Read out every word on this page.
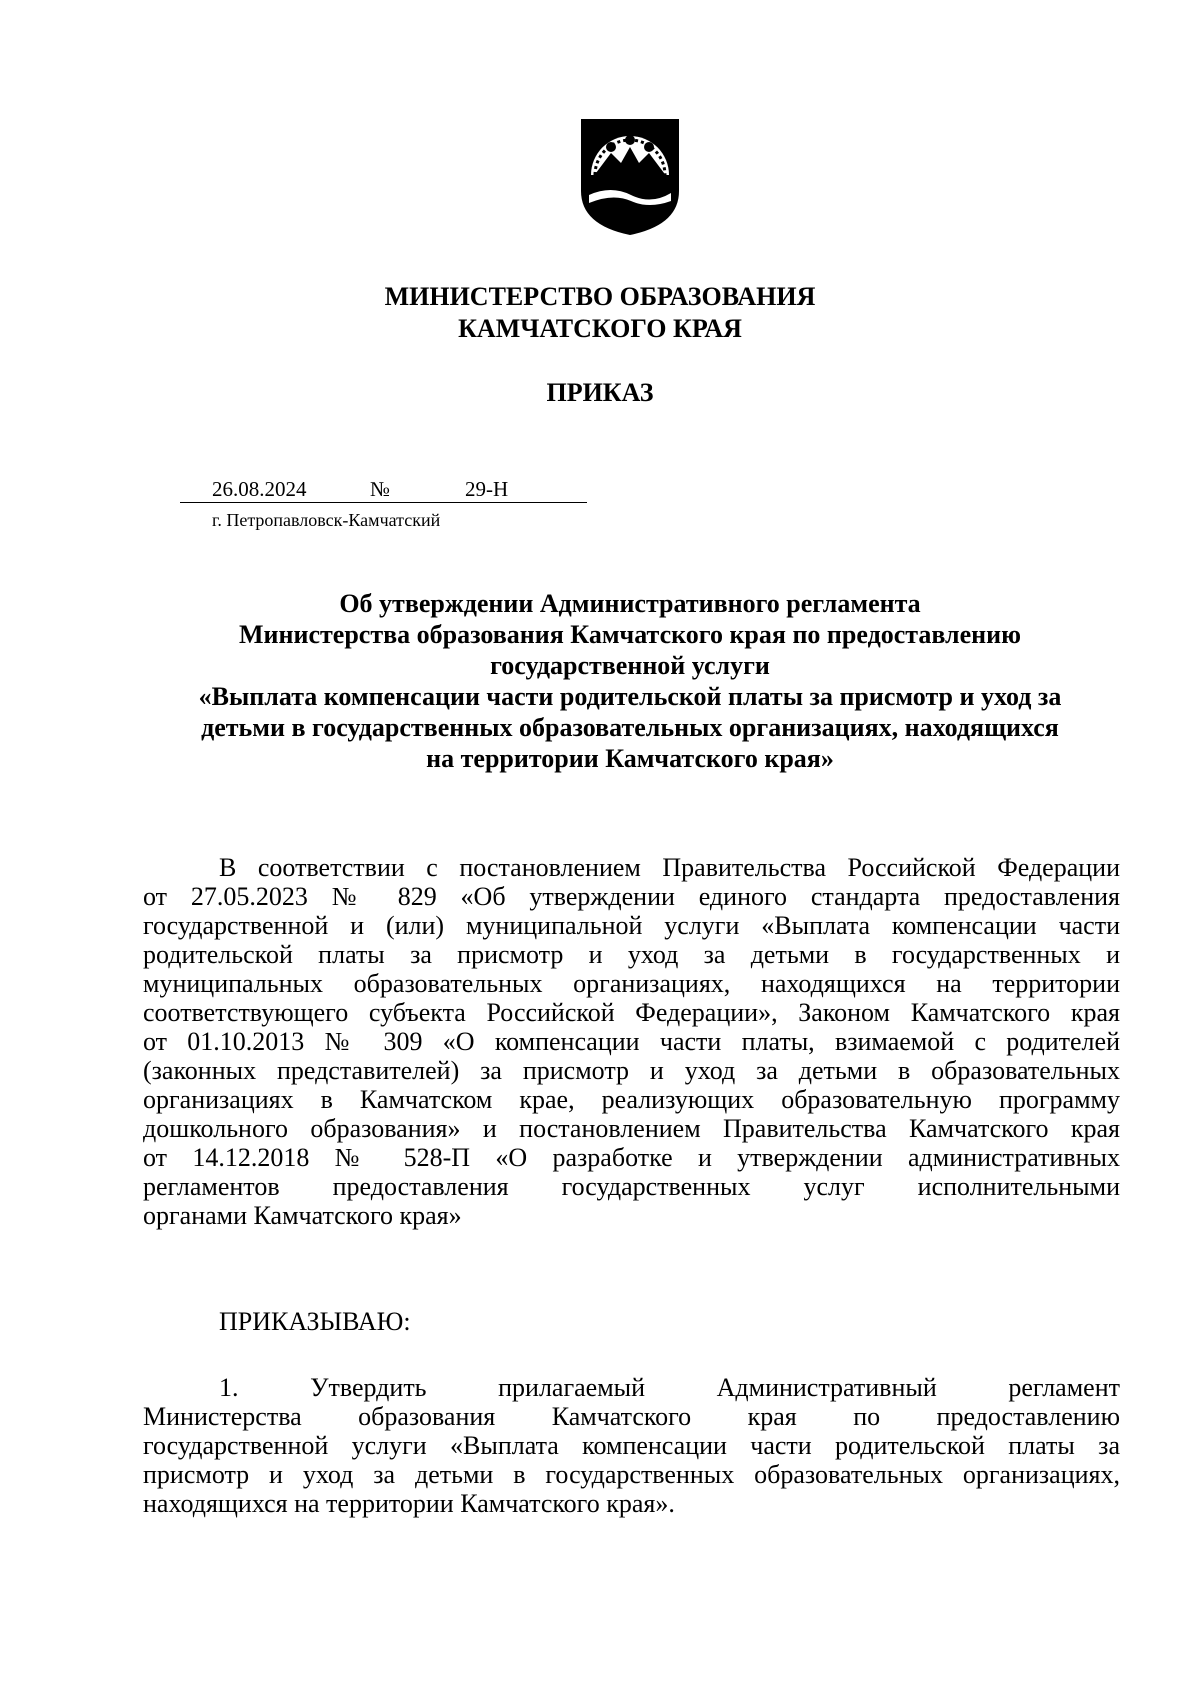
МИНИСТЕРСТВО ОБРАЗОВАНИЯ
КАМЧАТСКОГО КРАЯ
ПРИКАЗ
26.08.2024	№	29-Н
г. Петропавловск-Камчатский
Об утверждении Административного регламента
Министерства образования Камчатского края по предоставлению
государственной услуги
«Выплата компенсации части родительской платы за присмотр и уход за
детьми в государственных образовательных организациях, находящихся
на территории Камчатского края»
В соответствии с постановлением Правительства Российской Федерации
от 27.05.2023 № 829 «Об утверждении единого стандарта предоставления
государственной и (или) муниципальной услуги «Выплата компенсации части
родительской платы за присмотр и уход за детьми в государственных и
муниципальных образовательных организациях, находящихся на территории
соответствующего субъекта Российской Федерации», Законом Камчатского края
от 01.10.2013 № 309 «О компенсации части платы, взимаемой с родителей
(законных представителей) за присмотр и уход за детьми в образовательных
организациях в Камчатском крае, реализующих образовательную программу
дошкольного образования» и постановлением Правительства Камчатского края
от 14.12.2018 № 528-П «О разработке и утверждении административных
регламентов предоставления государственных услуг исполнительными
органами Камчатского края»
ПРИКАЗЫВАЮ:
1. Утвердить прилагаемый Административный регламент
Министерства образования Камчатского края по предоставлению
государственной услуги «Выплата компенсации части родительской платы за
присмотр и уход за детьми в государственных образовательных организациях,
находящихся на территории Камчатского края».
